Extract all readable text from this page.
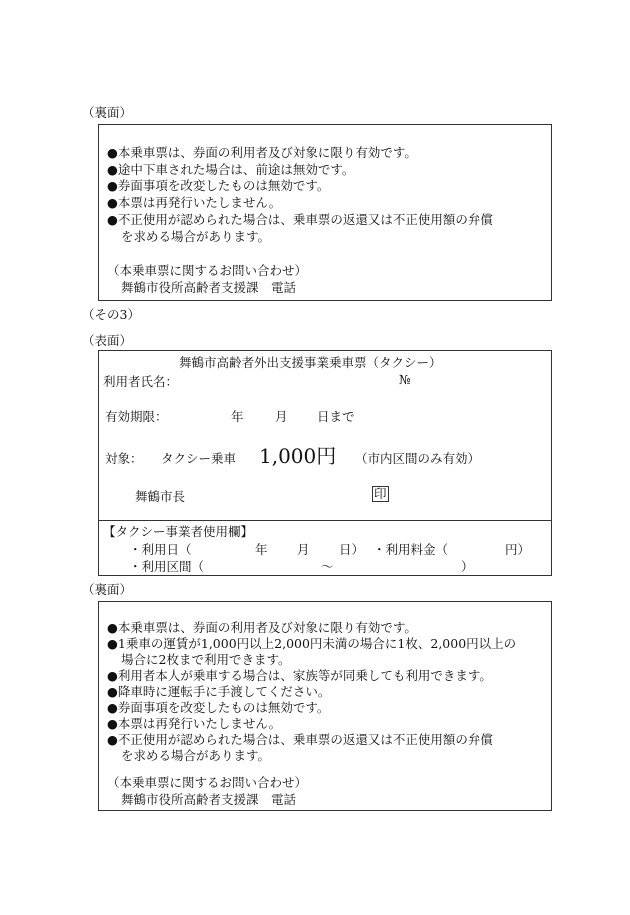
（裏面）
●本乗車票は、券面の利用者及び対象に限り有効です。
●途中下車された場合は、前途は無効です。
●券面事項を改変したものは無効です。
●本票は再発行いたしません。
●不正使用が認められた場合は、乗車票の返還又は不正使用額の弁償
を求める場合があります。
（本乗車票に関するお問い合わせ）
舞鶴市役所高齢者支援課　電話
（その3）
（表面）
舞鶴市高齢者外出支援事業乗車票（タクシー）
利用者氏名：	№
有効期限：	年	月 日まで
対象： タクシー乗車 1,000円 （市内区間のみ有効）
舞鶴市長	印
【タクシー事業者使用欄】
・利用日（	年 月 日） ・利用料金（	円）
・利用区間（	～	）
（裏面）
●本乗車票は、券面の利用者及び対象に限り有効です。
●1乗車の運賃が1,000円以上2,000円未満の場合に1枚、2,000円以上の
場合に2枚まで利用できます。
●利用者本人が乗車する場合は、家族等が同乗しても利用できます。
●降車時に運転手に手渡してください。
●券面事項を改変したものは無効です。
●本票は再発行いたしません。
●不正使用が認められた場合は、乗車票の返還又は不正使用額の弁償
を求める場合があります。
（本乗車票に関するお問い合わせ）
舞鶴市役所高齢者支援課　電話
